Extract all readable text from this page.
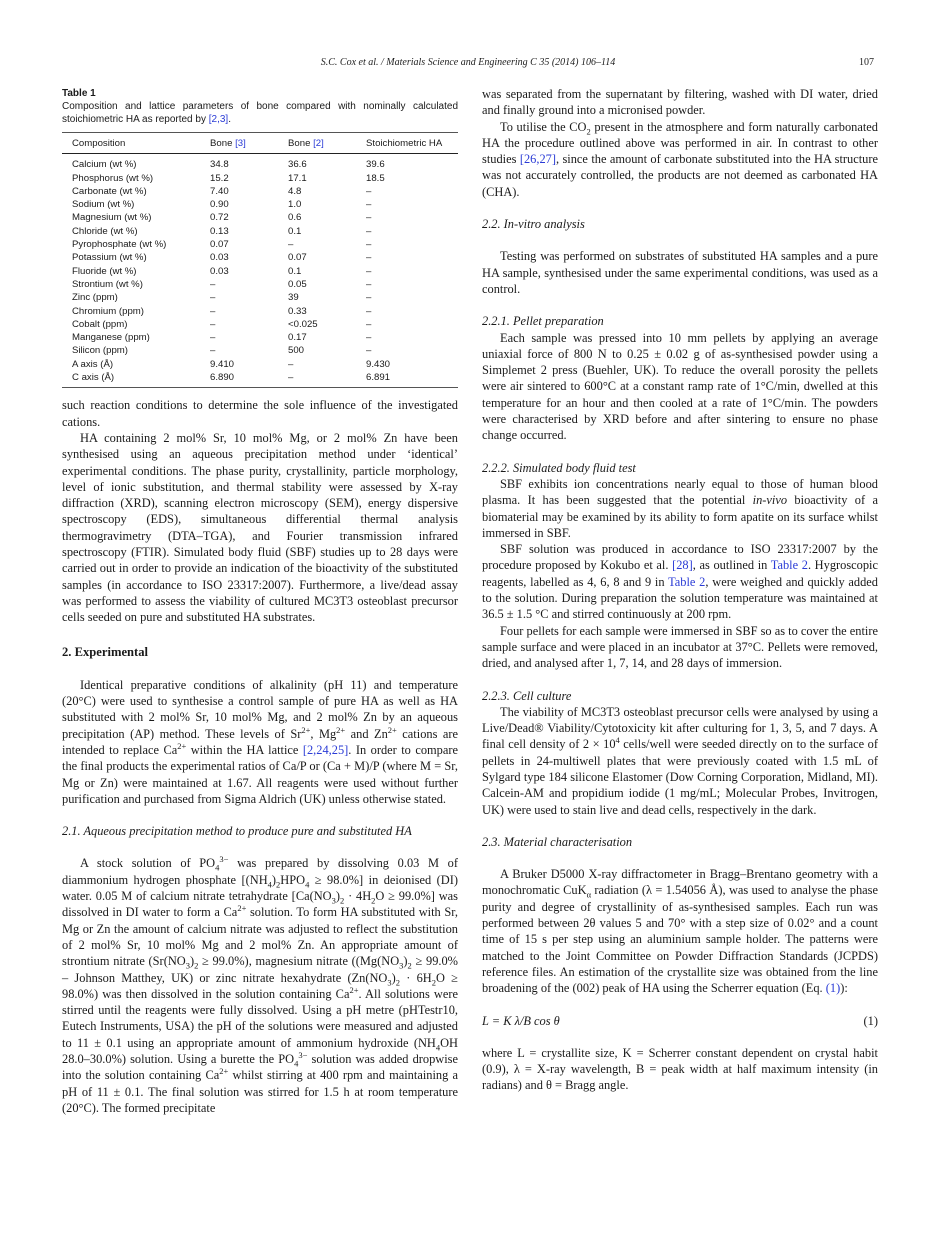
S.C. Cox et al. / Materials Science and Engineering C 35 (2014) 106–114	107
Table 1
Composition and lattice parameters of bone compared with nominally calculated stoichiometric HA as reported by [2,3].
Composition	Bone [3]	Bone [2]	Stoichiometric HA
Calcium (wt %)	34.8	36.6	39.6
Phosphorus (wt %)	15.2	17.1	18.5
Carbonate (wt %)	7.40	4.8	–
Sodium (wt %)	0.90	1.0	–
Magnesium (wt %)	0.72	0.6	–
Chloride (wt %)	0.13	0.1	–
Pyrophosphate (wt %)	0.07	–	–
Potassium (wt %)	0.03	0.07	–
Fluoride (wt %)	0.03	0.1	–
Strontium (wt %)	–	0.05	–
Zinc (ppm)	–	39	–
Chromium (ppm)	–	0.33	–
Cobalt (ppm)	–	<0.025	–
Manganese (ppm)	–	0.17	–
Silicon (ppm)	–	500	–
A axis (Å)	9.410	–	9.430
C axis (Å)	6.890	–	6.891

such reaction conditions to determine the sole influence of the investigated cations.

HA containing 2 mol% Sr, 10 mol% Mg, or 2 mol% Zn have been synthesised using an aqueous precipitation method under ‘identical’ experimental conditions. The phase purity, crystallinity, particle morphology, level of ionic substitution, and thermal stability were assessed by X-ray diffraction (XRD), scanning electron microscopy (SEM), energy dispersive spectroscopy (EDS), simultaneous differential thermal analysis thermogravimetry (DTA–TGA), and Fourier transmission infrared spectroscopy (FTIR). Simulated body fluid (SBF) studies up to 28 days were carried out in order to provide an indication of the bioactivity of the substituted samples (in accordance to ISO 23317:2007). Furthermore, a live/dead assay was performed to assess the viability of cultured MC3T3 osteoblast precursor cells seeded on pure and substituted HA substrates.

2. Experimental

Identical preparative conditions of alkalinity (pH 11) and temperature (20°C) were used to synthesise a control sample of pure HA as well as HA substituted with 2 mol% Sr, 10 mol% Mg, and 2 mol% Zn by an aqueous precipitation (AP) method. These levels of $Sr^{2+}$, $Mg^{2+}$ and $Zn^{2+}$ cations are intended to replace $Ca^{2+}$ within the HA lattice [2,24,25]. In order to compare the final products the experimental ratios of Ca/P or (Ca + M)/P (where M = Sr, Mg or Zn) were maintained at 1.67. All reagents were used without further purification and purchased from Sigma Aldrich (UK) unless otherwise stated.

2.1. Aqueous precipitation method to produce pure and substituted HA

A stock solution of $PO_4^{3-}$ was prepared by dissolving 0.03 M of diammonium hydrogen phosphate $[(NH_4)_2HPO_4 \ge 98.0\%]$ in deionised (DI) water. 0.05 M of calcium nitrate tetrahydrate $[Ca(NO_3)_2 \cdot 4H_2O \ge 99.0\%]$ was dissolved in DI water to form a $Ca^{2+}$ solution. To form HA substituted with Sr, Mg or Zn the amount of calcium nitrate was adjusted to reflect the substitution of 2 mol% Sr, 10 mol% Mg and 2 mol% Zn. An appropriate amount of strontium nitrate $(Sr(NO_3)_2 \ge 99.0\%)$, magnesium nitrate (($Mg(NO_3)_2 \ge 99.0\%$ – Johnson Matthey, UK) or zinc nitrate hexahydrate $(Zn(NO_3)_2 \cdot 6H_2O \ge 98.0\%)$ was then dissolved in the solution containing $Ca^{2+}$. All solutions were stirred until the reagents were fully dissolved. Using a pH metre (pHTestr10, Eutech Instruments, USA) the pH of the solutions were measured and adjusted to 11 ± 0.1 using an appropriate amount of ammonium hydroxide ($NH_4OH$ 28.0–30.0%) solution. Using a burette the $PO_4^{3-}$ solution was added dropwise into the solution containing $Ca^{2+}$ whilst stirring at 400 rpm and maintaining a pH of 11 ± 0.1. The final solution was stirred for 1.5 h at room temperature (20°C). The formed precipitate

was separated from the supernatant by filtering, washed with DI water, dried and finally ground into a micronised powder.

To utilise the $CO_2$ present in the atmosphere and form naturally carbonated HA the procedure outlined above was performed in air. In contrast to other studies [26,27], since the amount of carbonate substituted into the HA structure was not accurately controlled, the products are not deemed as carbonated HA (CHA).

2.2. In-vitro analysis

Testing was performed on substrates of substituted HA samples and a pure HA sample, synthesised under the same experimental conditions, was used as a control.

2.2.1. Pellet preparation

Each sample was pressed into 10 mm pellets by applying an average uniaxial force of 800 N to 0.25 ± 0.02 g of as-synthesised powder using a Simplemet 2 press (Buehler, UK). To reduce the overall porosity the pellets were air sintered to 600°C at a constant ramp rate of 1°C/min, dwelled at this temperature for an hour and then cooled at a rate of 1°C/min. The powders were characterised by XRD before and after sintering to ensure no phase change occurred.

2.2.2. Simulated body fluid test

SBF exhibits ion concentrations nearly equal to those of human blood plasma. It has been suggested that the potential in-vivo bioactivity of a biomaterial may be examined by its ability to form apatite on its surface whilst immersed in SBF.

SBF solution was produced in accordance to ISO 23317:2007 by the procedure proposed by Kokubo et al. [28], as outlined in Table 2. Hygroscopic reagents, labelled as 4, 6, 8 and 9 in Table 2, were weighed and quickly added to the solution. During preparation the solution temperature was maintained at 36.5 ± 1.5 °C and stirred continuously at 200 rpm.

Four pellets for each sample were immersed in SBF so as to cover the entire sample surface and were placed in an incubator at 37°C. Pellets were removed, dried, and analysed after 1, 7, 14, and 28 days of immersion.

2.2.3. Cell culture

The viability of MC3T3 osteoblast precursor cells were analysed by using a Live/Dead® Viability/Cytotoxicity kit after culturing for 1, 3, 5, and 7 days. A final cell density of $2 \times 10^4$ cells/well were seeded directly on to the surface of pellets in 24-multiwell plates that were previously coated with 1.5 mL of Sylgard type 184 silicone Elastomer (Dow Corning Corporation, Midland, MI). Calcein-AM and propidium iodide (1 mg/mL; Molecular Probes, Invitrogen, UK) were used to stain live and dead cells, respectively in the dark.

2.3. Material characterisation

A Bruker D5000 X-ray diffractometer in Bragg–Brentano geometry with a monochromatic CuK$_\alpha$ radiation (λ = 1.54056 Å), was used to analyse the phase purity and degree of crystallinity of as-synthesised samples. Each run was performed between 2θ values 5 and 70° with a step size of 0.02° and a count time of 15 s per step using an aluminium sample holder. The patterns were matched to the Joint Committee on Powder Diffraction Standards (JCPDS) reference files. An estimation of the crystallite size was obtained from the line broadening of the (002) peak of HA using the Scherrer equation (Eq. (1)):

L = K λ/B cos θ	(1)

where L = crystallite size, K = Scherrer constant dependent on crystal habit (0.9), λ = X-ray wavelength, B = peak width at half maximum intensity (in radians) and θ = Bragg angle.
